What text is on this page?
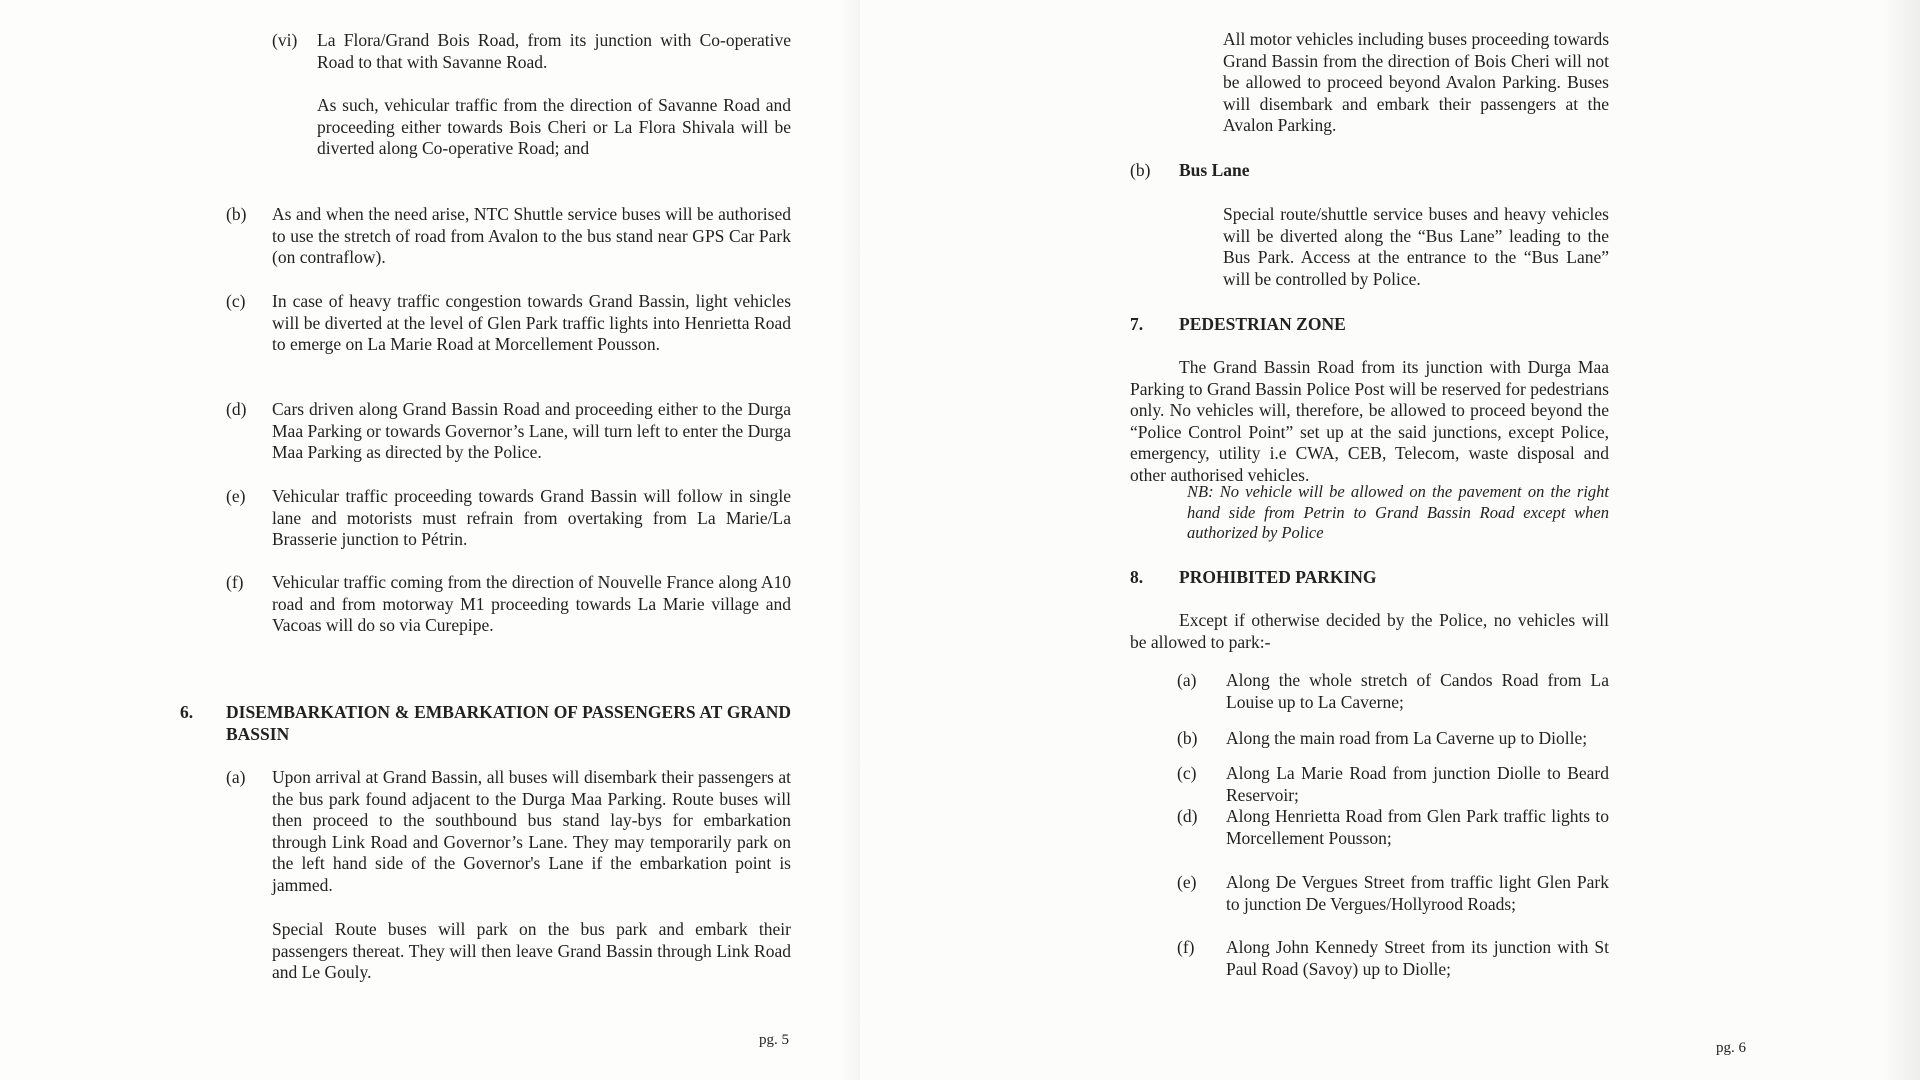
(vi) La Flora/Grand Bois Road, from its junction with Co-operative Road to that with Savanne Road.
As such, vehicular traffic from the direction of Savanne Road and proceeding either towards Bois Cheri or La Flora Shivala will be diverted along Co-operative Road; and
(b) As and when the need arise, NTC Shuttle service buses will be authorised to use the stretch of road from Avalon to the bus stand near GPS Car Park (on contraflow).
(c) In case of heavy traffic congestion towards Grand Bassin, light vehicles will be diverted at the level of Glen Park traffic lights into Henrietta Road to emerge on La Marie Road at Morcellement Pousson.
(d) Cars driven along Grand Bassin Road and proceeding either to the Durga Maa Parking or towards Governor’s Lane, will turn left to enter the Durga Maa Parking as directed by the Police.
(e) Vehicular traffic proceeding towards Grand Bassin will follow in single lane and motorists must refrain from overtaking from La Marie/La Brasserie junction to Pétrin.
(f) Vehicular traffic coming from the direction of Nouvelle France along A10 road and from motorway M1 proceeding towards La Marie village and Vacoas will do so via Curepipe.
6. DISEMBARKATION & EMBARKATION OF PASSENGERS AT GRAND BASSIN
(a) Upon arrival at Grand Bassin, all buses will disembark their passengers at the bus park found adjacent to the Durga Maa Parking. Route buses will then proceed to the southbound bus stand lay-bys for embarkation through Link Road and Governor’s Lane. They may temporarily park on the left hand side of the Governor's Lane if the embarkation point is jammed.
Special Route buses will park on the bus park and embark their passengers thereat. They will then leave Grand Bassin through Link Road and Le Gouly.
pg. 5
All motor vehicles including buses proceeding towards Grand Bassin from the direction of Bois Cheri will not be allowed to proceed beyond Avalon Parking. Buses will disembark and embark their passengers at the Avalon Parking.
(b) Bus Lane
Special route/shuttle service buses and heavy vehicles will be diverted along the “Bus Lane” leading to the Bus Park. Access at the entrance to the “Bus Lane” will be controlled by Police.
7. PEDESTRIAN ZONE
The Grand Bassin Road from its junction with Durga Maa Parking to Grand Bassin Police Post will be reserved for pedestrians only. No vehicles will, therefore, be allowed to proceed beyond the “Police Control Point” set up at the said junctions, except Police, emergency, utility i.e CWA, CEB, Telecom, waste disposal and other authorised vehicles.
NB: No vehicle will be allowed on the pavement on the right hand side from Petrin to Grand Bassin Road except when authorized by Police
8. PROHIBITED PARKING
Except if otherwise decided by the Police, no vehicles will be allowed to park:-
(a) Along the whole stretch of Candos Road from La Louise up to La Caverne;
(b) Along the main road from La Caverne up to Diolle;
(c) Along La Marie Road from junction Diolle to Beard Reservoir;
(d) Along Henrietta Road from Glen Park traffic lights to Morcellement Pousson;
(e) Along De Vergues Street from traffic light Glen Park to junction De Vergues/Hollyrood Roads;
(f) Along John Kennedy Street from its junction with St Paul Road (Savoy) up to Diolle;
pg. 6
